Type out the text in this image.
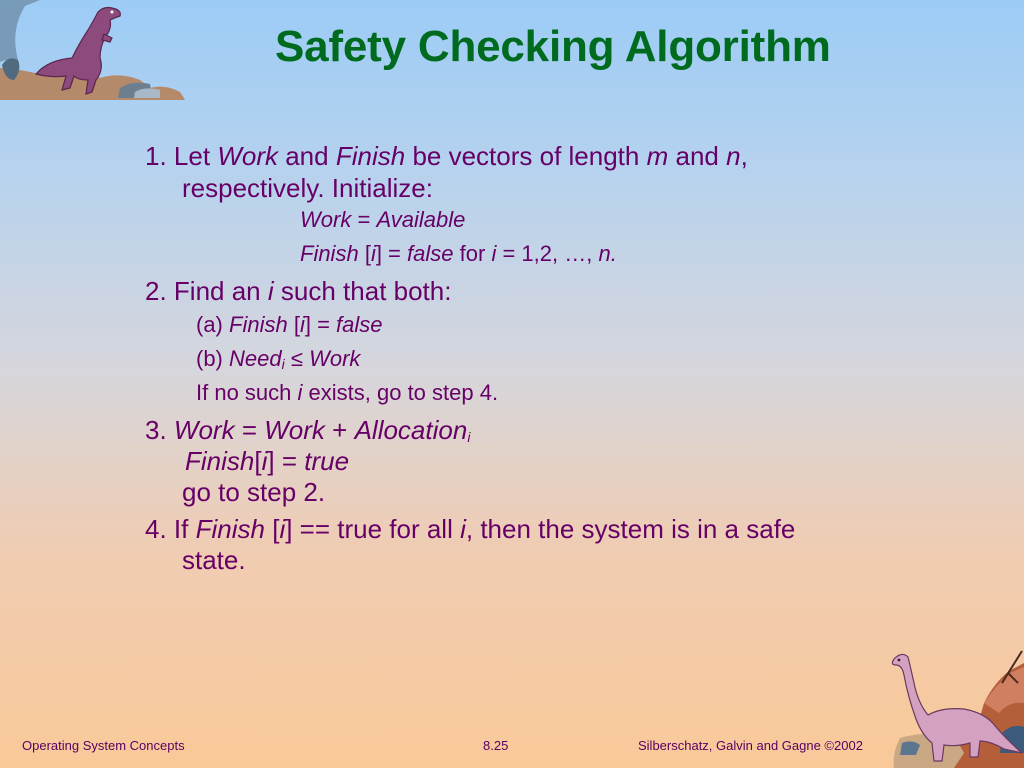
Safety Checking Algorithm
1. Let Work and Finish be vectors of length m and n,
respectively. Initialize:
Work = Available
Finish [i] = false for i = 1,2, …, n.
2. Find an i such that both:
(a) Finish [i] = false
(b) Need$_i$ ≤ Work
If no such i exists, go to step 4.
3. Work = Work + Allocation$_i$
Finish[i] = true
go to step 2.
4. If Finish [i] == true for all i, then the system is in a safe
state.
Operating System Concepts	8.25	Silberschatz, Galvin and Gagne ©2002
